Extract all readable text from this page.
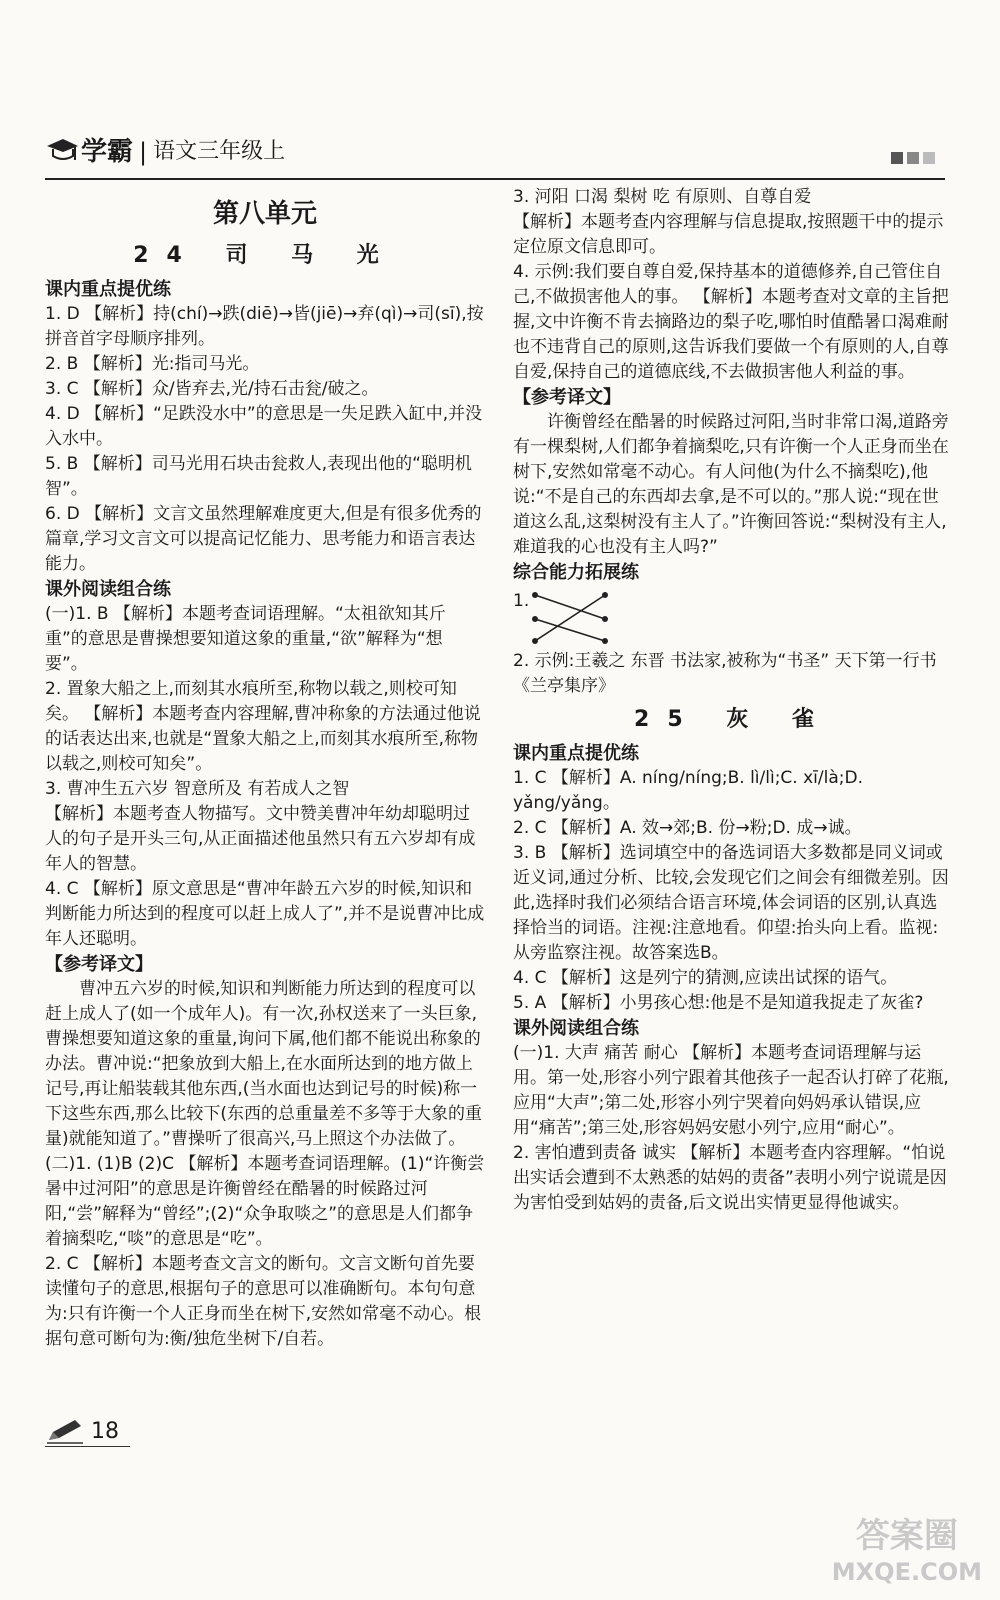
学霸 | 语文三年级上
第八单元
24 司 马 光

课内重点提优练

1. D 【解析】持(chí)→跌(diē)→皆(jiē)→弃(qì)→司(sī),按拼音首字母顺序排列。

2. B 【解析】光:指司马光。

3. C 【解析】众/皆弃去,光/持石击瓮/破之。

4. D 【解析】“足跌没水中”的意思是一失足跌入缸中,并没入水中。

5. B 【解析】司马光用石块击瓮救人,表现出他的“聪明机智”。

6. D 【解析】文言文虽然理解难度更大,但是有很多优秀的篇章,学习文言文可以提高记忆能力、思考能力和语言表达能力。

课外阅读组合练

(一)1. B 【解析】本题考查词语理解。“太祖欲知其斤重”的意思是曹操想要知道这象的重量,“欲”解释为“想要”。

2. 置象大船之上,而刻其水痕所至,称物以载之,则校可知矣。 【解析】本题考查内容理解,曹冲称象的方法通过他说的话表达出来,也就是“置象大船之上,而刻其水痕所至,称物以载之,则校可知矣”。

3. 曹冲生五六岁 智意所及 有若成人之智

【解析】本题考查人物描写。文中赞美曹冲年幼却聪明过人的句子是开头三句,从正面描述他虽然只有五六岁却有成年人的智慧。

4. C 【解析】原文意思是“曹冲年龄五六岁的时候,知识和判断能力所达到的程度可以赶上成人了”,并不是说曹冲比成年人还聪明。

【参考译文】

曹冲五六岁的时候,知识和判断能力所达到的程度可以赶上成人了(如一个成年人)。有一次,孙权送来了一头巨象,曹操想要知道这象的重量,询问下属,他们都不能说出称象的办法。曹冲说:“把象放到大船上,在水面所达到的地方做上记号,再让船装载其他东西,(当水面也达到记号的时候)称一下这些东西,那么比较下(东西的总重量差不多等于大象的重量)就能知道了。”曹操听了很高兴,马上照这个办法做了。

(二)1. (1)B (2)C 【解析】本题考查词语理解。(1)“许衡尝暑中过河阳”的意思是许衡曾经在酷暑的时候路过河阳,“尝”解释为“曾经”;(2)“众争取啖之”的意思是人们都争着摘梨吃,“啖”的意思是“吃”。

2. C 【解析】本题考查文言文的断句。文言文断句首先要读懂句子的意思,根据句子的意思可以准确断句。本句句意为:只有许衡一个人正身而坐在树下,安然如常毫不动心。根据句意可断句为:衡/独危坐树下/自若。

3. 河阳 口渴 梨树 吃 有原则、自尊自爱

【解析】本题考查内容理解与信息提取,按照题干中的提示定位原文信息即可。

4. 示例:我们要自尊自爱,保持基本的道德修养,自己管住自己,不做损害他人的事。 【解析】本题考查对文章的主旨把握,文中许衡不肯去摘路边的梨子吃,哪怕时值酷暑口渴难耐也不违背自己的原则,这告诉我们要做一个有原则的人,自尊自爱,保持自己的道德底线,不去做损害他人利益的事。

【参考译文】

许衡曾经在酷暑的时候路过河阳,当时非常口渴,道路旁有一棵梨树,人们都争着摘梨吃,只有许衡一个人正身而坐在树下,安然如常毫不动心。有人问他(为什么不摘梨吃),他说:“不是自己的东西却去拿,是不可以的。”那人说:“现在世道这么乱,这梨树没有主人了。”许衡回答说:“梨树没有主人,难道我的心也没有主人吗?”

综合能力拓展练

1.

2. 示例:王羲之 东晋 书法家,被称为“书圣” 天下第一行书《兰亭集序》

25 灰 雀

课内重点提优练

1. C 【解析】A. níng/níng;B. lì/lì;C. xī/là;D. yǎng/yǎng。

2. C 【解析】A. 效→郊;B. 份→粉;D. 成→诚。

3. B 【解析】选词填空中的备选词语大多数都是同义词或近义词,通过分析、比较,会发现它们之间会有细微差别。因此,选择时我们必须结合语言环境,体会词语的区别,认真选择恰当的词语。注视:注意地看。仰望:抬头向上看。监视:从旁监察注视。故答案选B。

4. C 【解析】这是列宁的猜测,应读出试探的语气。

5. A 【解析】小男孩心想:他是不是知道我捉走了灰雀?

课外阅读组合练

(一)1. 大声 痛苦 耐心 【解析】本题考查词语理解与运用。第一处,形容小列宁跟着其他孩子一起否认打碎了花瓶,应用“大声”;第二处,形容小列宁哭着向妈妈承认错误,应用“痛苦”;第三处,形容妈妈安慰小列宁,应用“耐心”。

2. 害怕遭到责备 诚实 【解析】本题考查内容理解。“怕说出实话会遭到不太熟悉的姑妈的责备”表明小列宁说谎是因为害怕受到姑妈的责备,后文说出实情更显得他诚实。

18
答案圈
MXQE.COM
